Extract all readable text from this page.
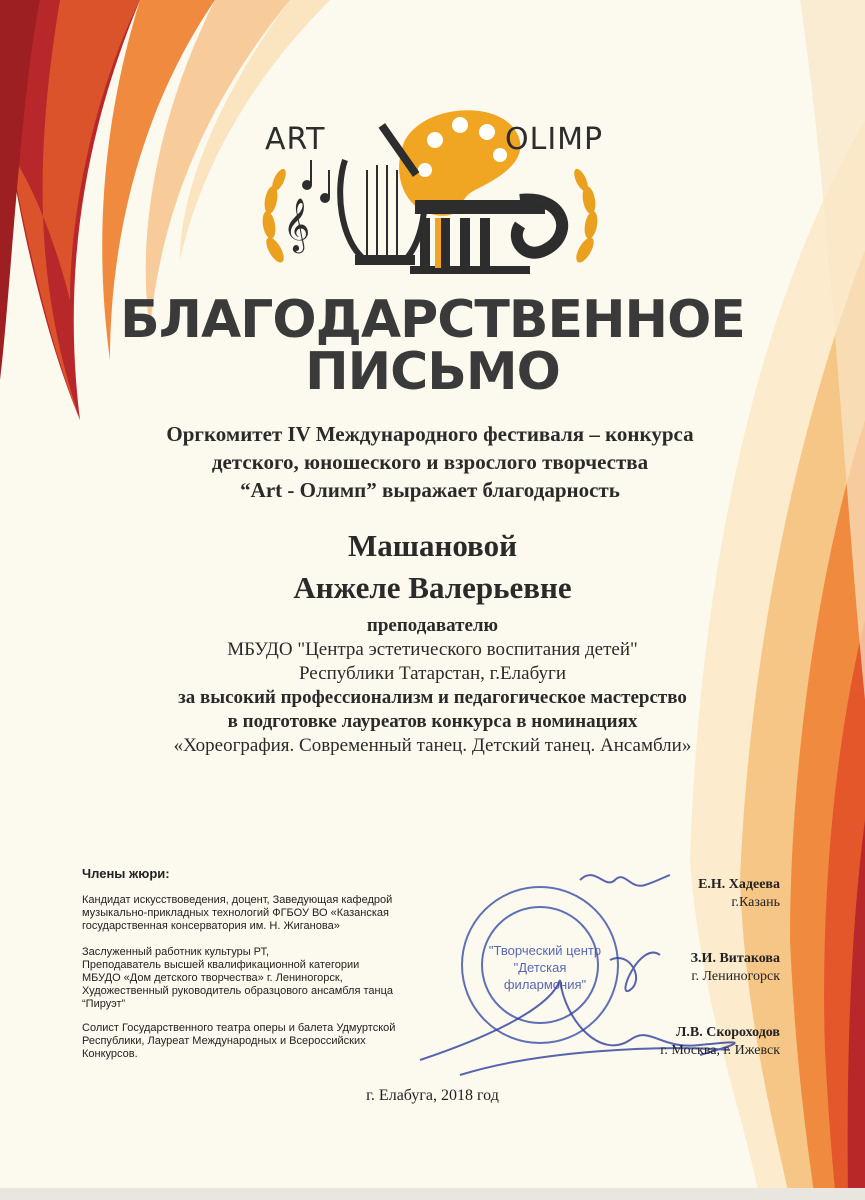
ART	OLIMP
𝄞
БЛАГОДАРСТВЕННОЕ
ПИСЬМО
Оргкомитет IV Международного фестиваля – конкурса
детского, юношеского и взрослого творчества
“Art - Олимп” выражает благодарность
Машановой
Анжеле Валерьевне
преподавателю
МБУДО "Центра эстетического воспитания детей"
Республики Татарстан, г.Елабуги
за высокий профессионализм и педагогическое мастерство
в подготовке лауреатов конкурса в номинациях
«Хореография. Современный танец. Детский танец. Ансамбли»
Члены жюри:
Кандидат искусствоведения, доцент, Заведующая кафедрой
музыкально-прикладных технологий ФГБОУ ВО «Казанская
государственная консерватория им. Н. Жиганова»
Заслуженный работник культуры РТ,
Преподаватель высшей квалификационной категории
МБУДО «Дом детского творчества» г. Лениногорск,
Художественный руководитель образцового ансамбля танца
“Пируэт”
Солист Государственного театра оперы и балета Удмуртской
Республики, Лауреат Международных и Всероссийских
Конкурсов.
"Творческий центр
"Детская
филармония"
Е.Н. Хадеева
г.Казань
З.И. Витакова
г. Лениногорск
Л.В. Скороходов
г. Москва, г. Ижевск
г. Елабуга, 2018 год
